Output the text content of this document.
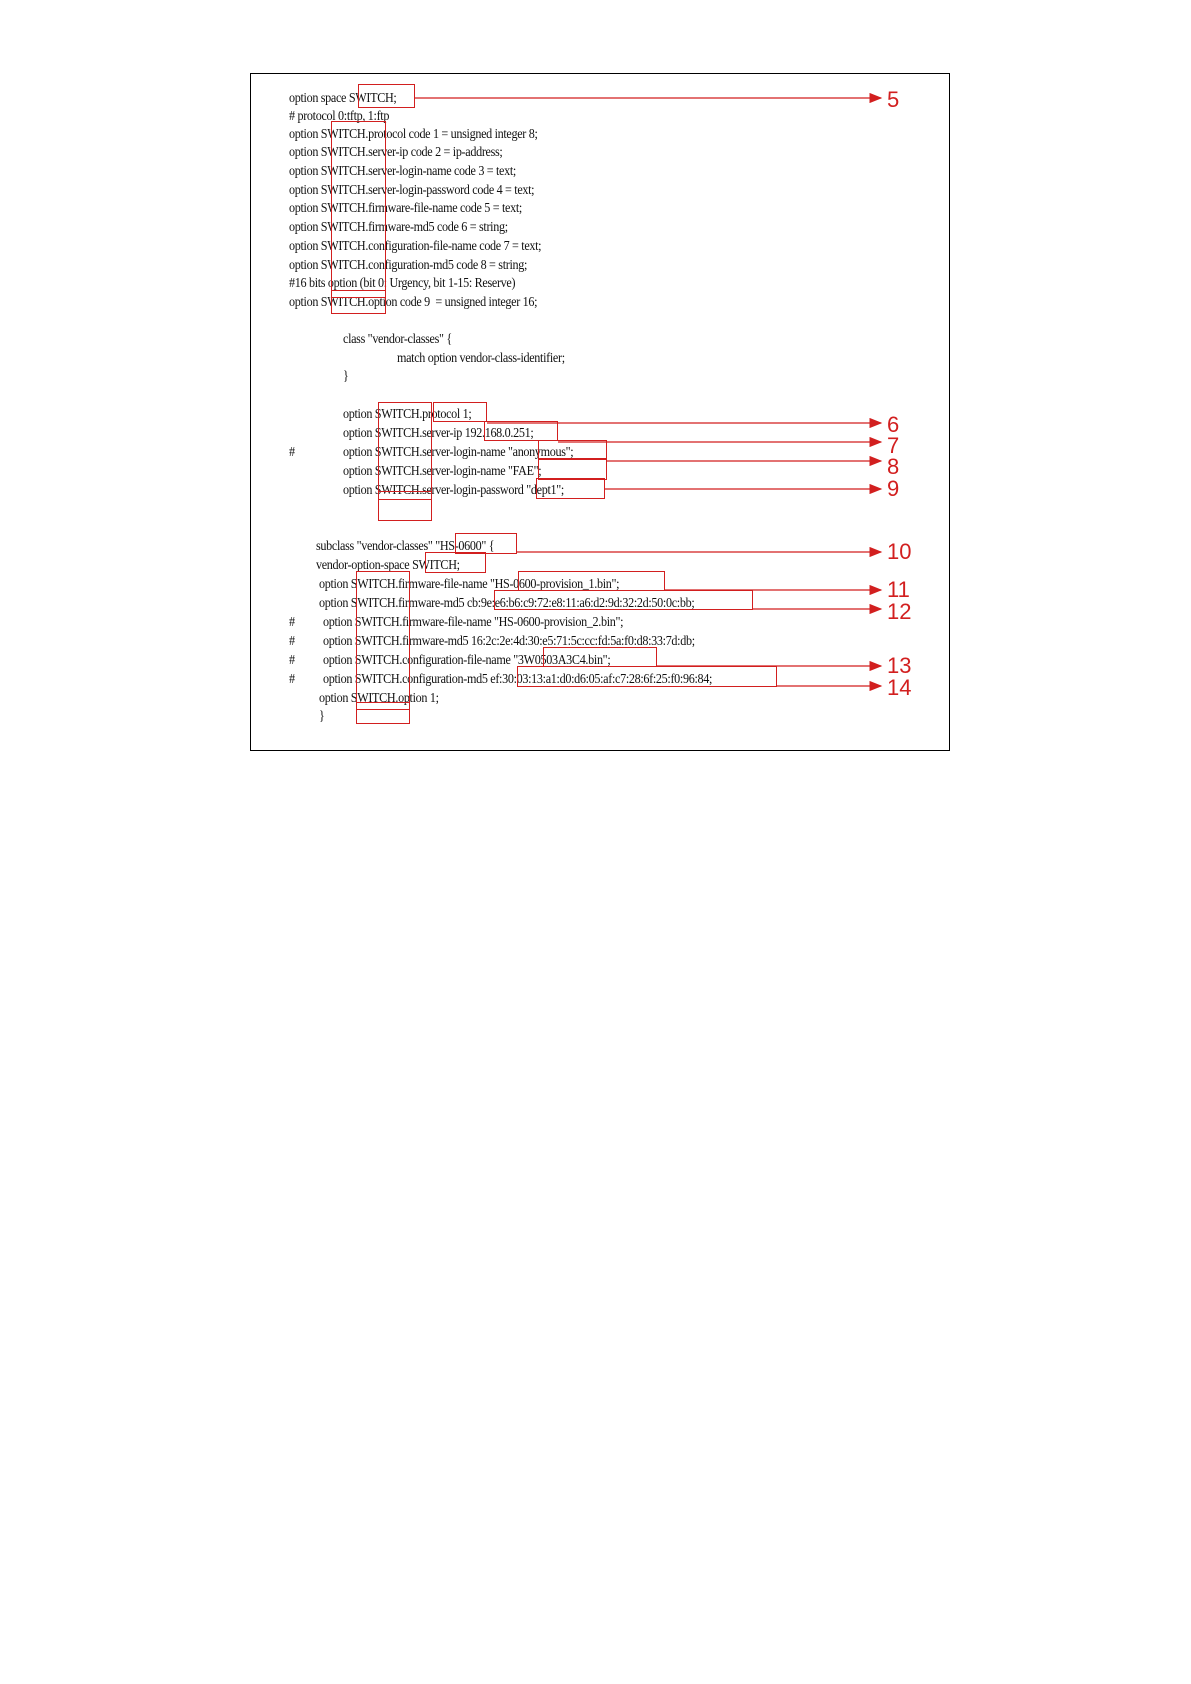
option space SWITCH;

# protocol 0:tftp, 1:ftp

option SWITCH.protocol code 1 = unsigned integer 8;

option SWITCH.server-ip code 2 = ip-address;

option SWITCH.server-login-name code 3 = text;

option SWITCH.server-login-password code 4 = text;

option SWITCH.firmware-file-name code 5 = text;

option SWITCH.firmware-md5 code 6 = string;

option SWITCH.configuration-file-name code 7 = text;

option SWITCH.configuration-md5 code 8 = string;

#16 bits option (bit 0: Urgency, bit 1-15: Reserve)

option SWITCH.option code 9  = unsigned integer 16;

class "vendor-classes" {

match option vendor-class-identifier;

}

option SWITCH.protocol 1;

option SWITCH.server-ip 192.168.0.251;

#	option SWITCH.server-login-name "anonymous";

option SWITCH.server-login-name "FAE";

option SWITCH.server-login-password "dept1";

subclass "vendor-classes" "HS-0600" {

vendor-option-space SWITCH;

option SWITCH.firmware-file-name "HS-0600-provision_1.bin";

option SWITCH.firmware-md5 cb:9e:e6:b6:c9:72:e8:11:a6:d2:9d:32:2d:50:0c:bb;

# option SWITCH.firmware-file-name "HS-0600-provision_2.bin";

# option SWITCH.firmware-md5 16:2c:2e:4d:30:e5:71:5c:cc:fd:5a:f0:d8:33:7d:db;

# option SWITCH.configuration-file-name "3W0503A3C4.bin";

# option SWITCH.configuration-md5 ef:30:03:13:a1:d0:d6:05:af:c7:28:6f:25:f0:96:84;

option SWITCH.option 1;

}

5
6
7
8
9
10
11
12
13
14
